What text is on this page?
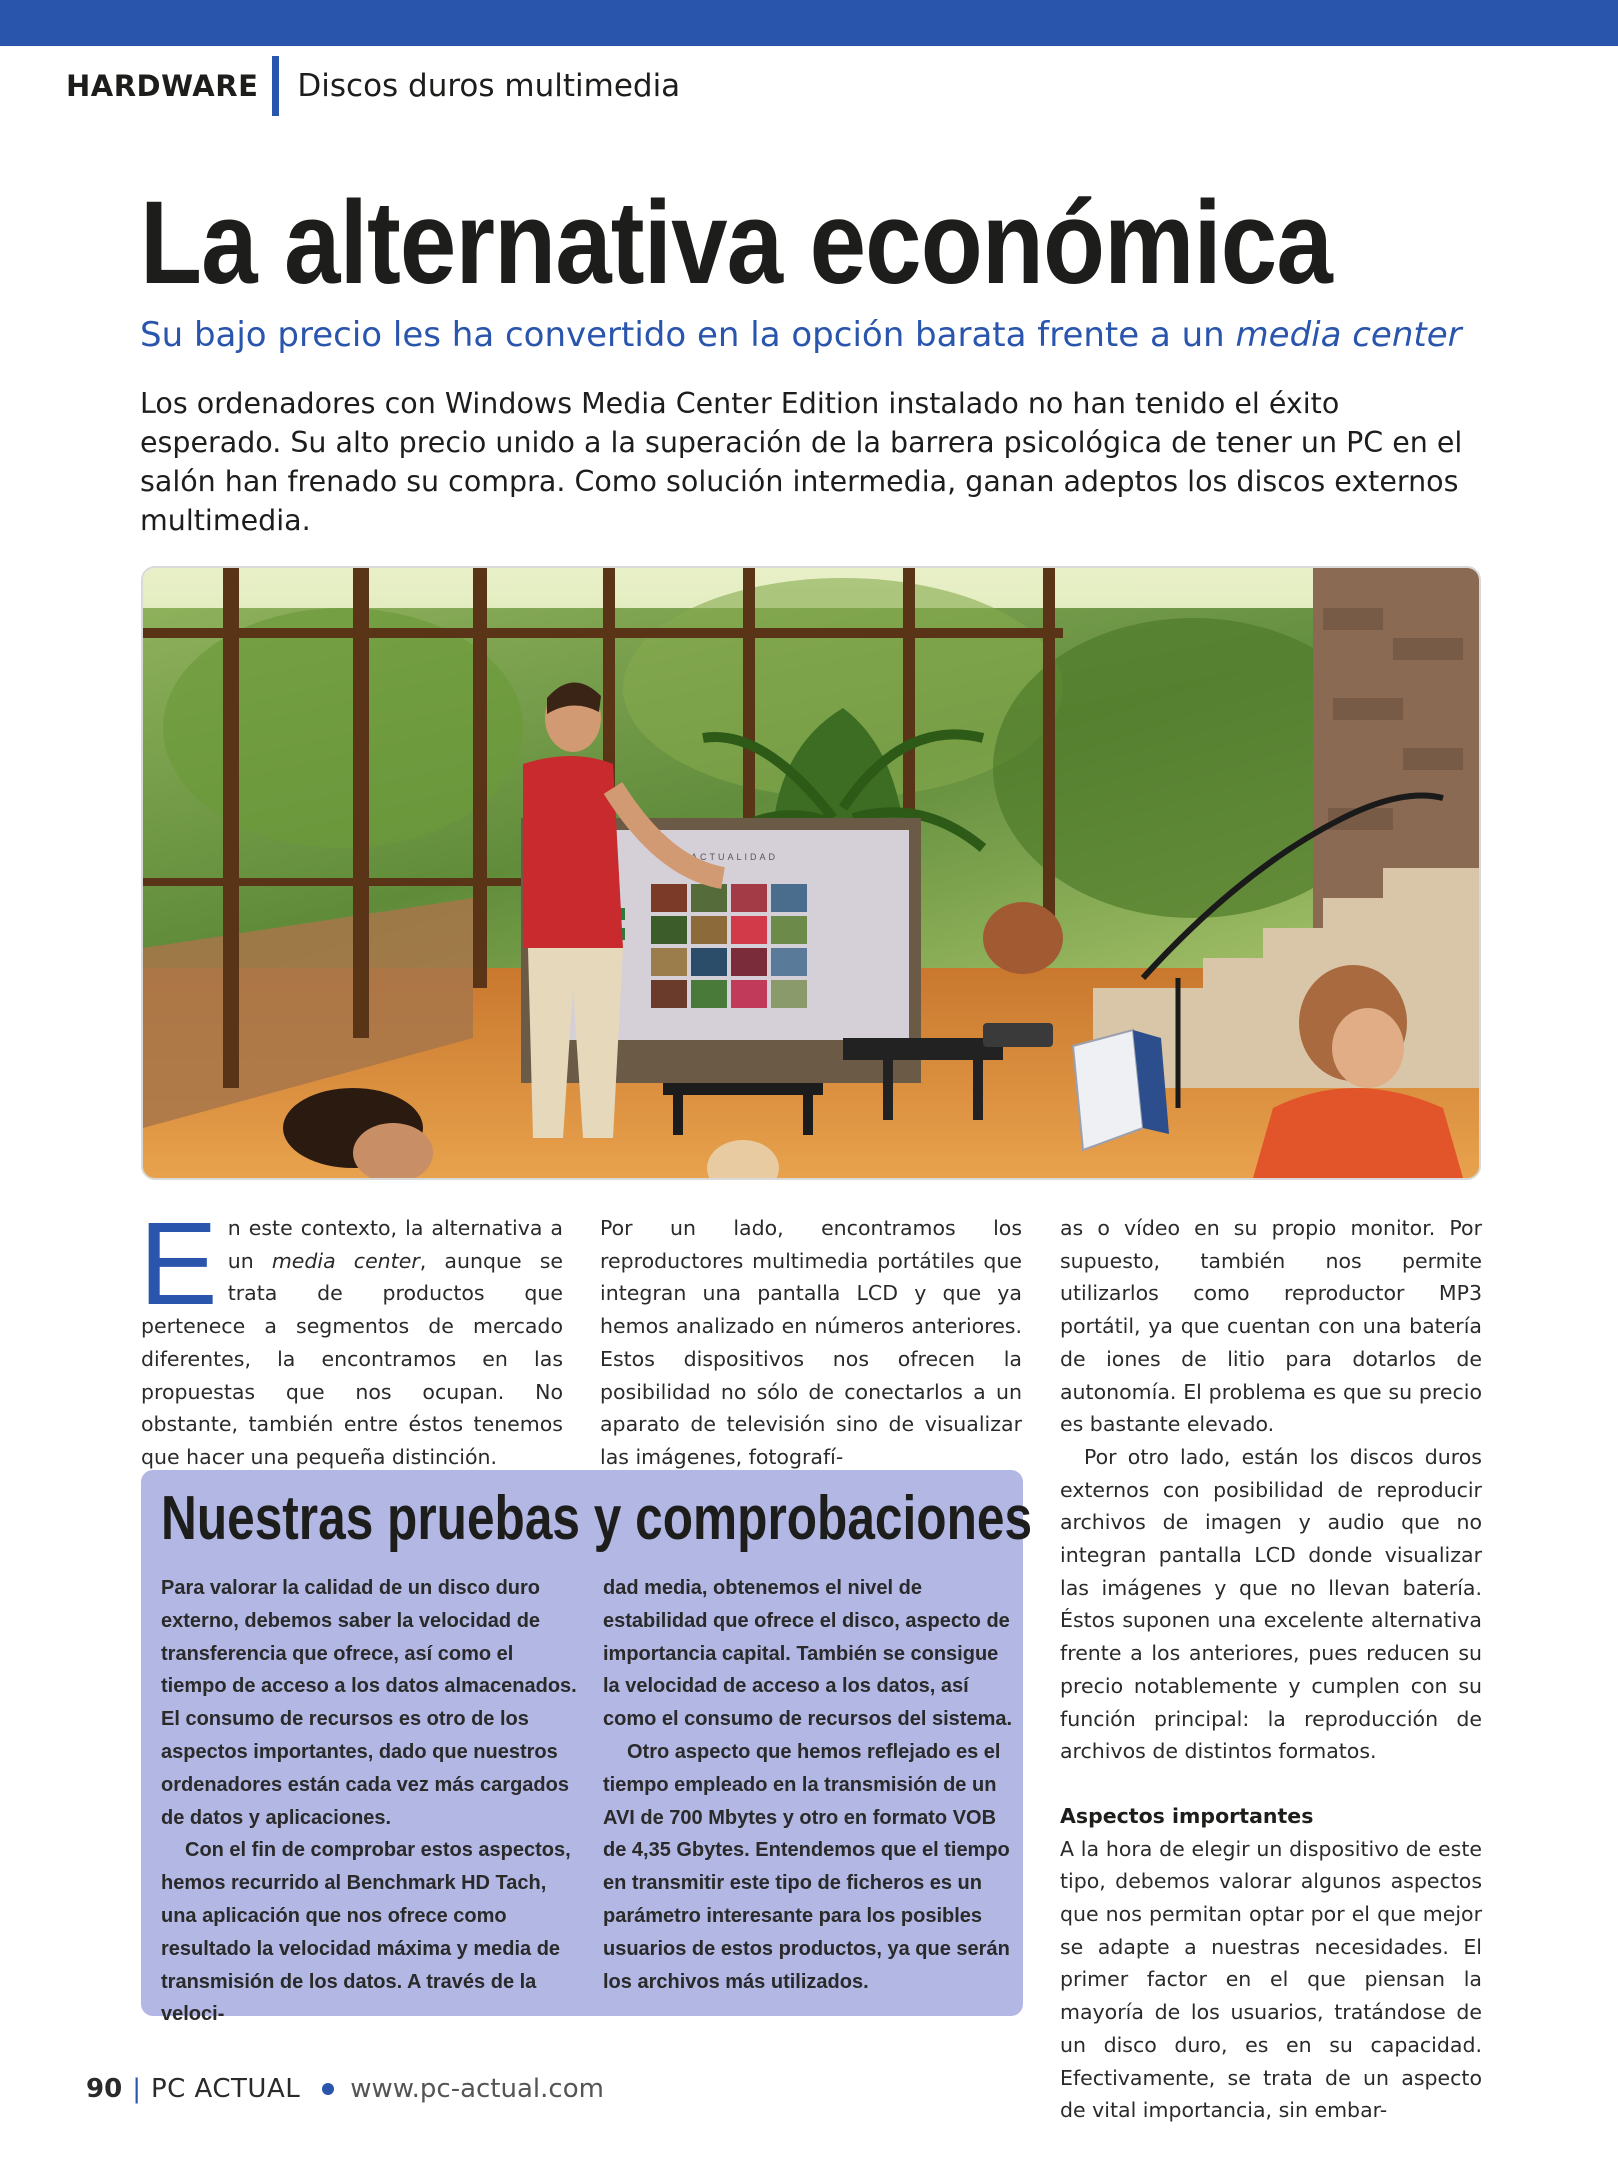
HARDWARE Discos duros multimedia
La alternativa económica
Su bajo precio les ha convertido en la opción barata frente a un media center
Los ordenadores con Windows Media Center Edition instalado no han tenido el éxito esperado. Su alto precio unido a la superación de la barrera psicológica de tener un PC en el salón han frenado su compra. Como solución intermedia, ganan adeptos los discos externos multimedia.
ACTUALIDAD

E n este contexto, la alternativa a un media center, aunque se trata de productos que pertenece a segmentos de mercado diferentes, la encontramos en las propuestas que nos ocupan. No obstante, también entre éstos tenemos que hacer una pequeña distinción.

Por un lado, encontramos los reproductores multimedia portátiles que integran una pantalla LCD y que ya hemos analizado en números anteriores. Estos dispositivos nos ofrecen la posibilidad no sólo de conectarlos a un aparato de televisión sino de visualizar las imágenes, fotografí-

as o vídeo en su propio monitor. Por supuesto, también nos permite utilizarlos como reproductor MP3 portátil, ya que cuentan con una batería de iones de litio para dotarlos de autonomía. El problema es que su precio es bastante elevado.

Por otro lado, están los discos duros externos con posibilidad de reproducir archivos de imagen y audio que no integran pantalla LCD donde visualizar las imágenes y que no llevan batería. Éstos suponen una excelente alternativa frente a los anteriores, pues reducen su precio notablemente y cumplen con su función principal: la reproducción de archivos de distintos formatos.

Aspectos importantes

A la hora de elegir un dispositivo de este tipo, debemos valorar algunos aspectos que nos permitan optar por el que mejor se adapte a nuestras necesidades. El primer factor en el que piensan la mayoría de los usuarios, tratándose de un disco duro, es en su capacidad. Efectivamente, se trata de un aspecto de vital importancia, sin embar-

Nuestras pruebas y comprobaciones

Para valorar la calidad de un disco duro externo, debemos saber la velocidad de transferencia que ofrece, así como el tiempo de acceso a los datos almacenados. El consumo de recursos es otro de los aspectos importantes, dado que nuestros ordenadores están cada vez más cargados de datos y aplicaciones.

Con el fin de comprobar estos aspectos, hemos recurrido al Benchmark HD Tach, una aplicación que nos ofrece como resultado la velocidad máxima y media de transmisión de los datos. A través de la veloci-

dad media, obtenemos el nivel de estabilidad que ofrece el disco, aspecto de importancia capital. También se consigue la velocidad de acceso a los datos, así como el consumo de recursos del sistema.

Otro aspecto que hemos reflejado es el tiempo empleado en la transmisión de un AVI de 700 Mbytes y otro en formato VOB de 4,35 Gbytes. Entendemos que el tiempo en transmitir este tipo de ficheros es un parámetro interesante para los posibles usuarios de estos productos, ya que serán los archivos más utilizados.

90 | PC ACTUAL www.pc-actual.com
